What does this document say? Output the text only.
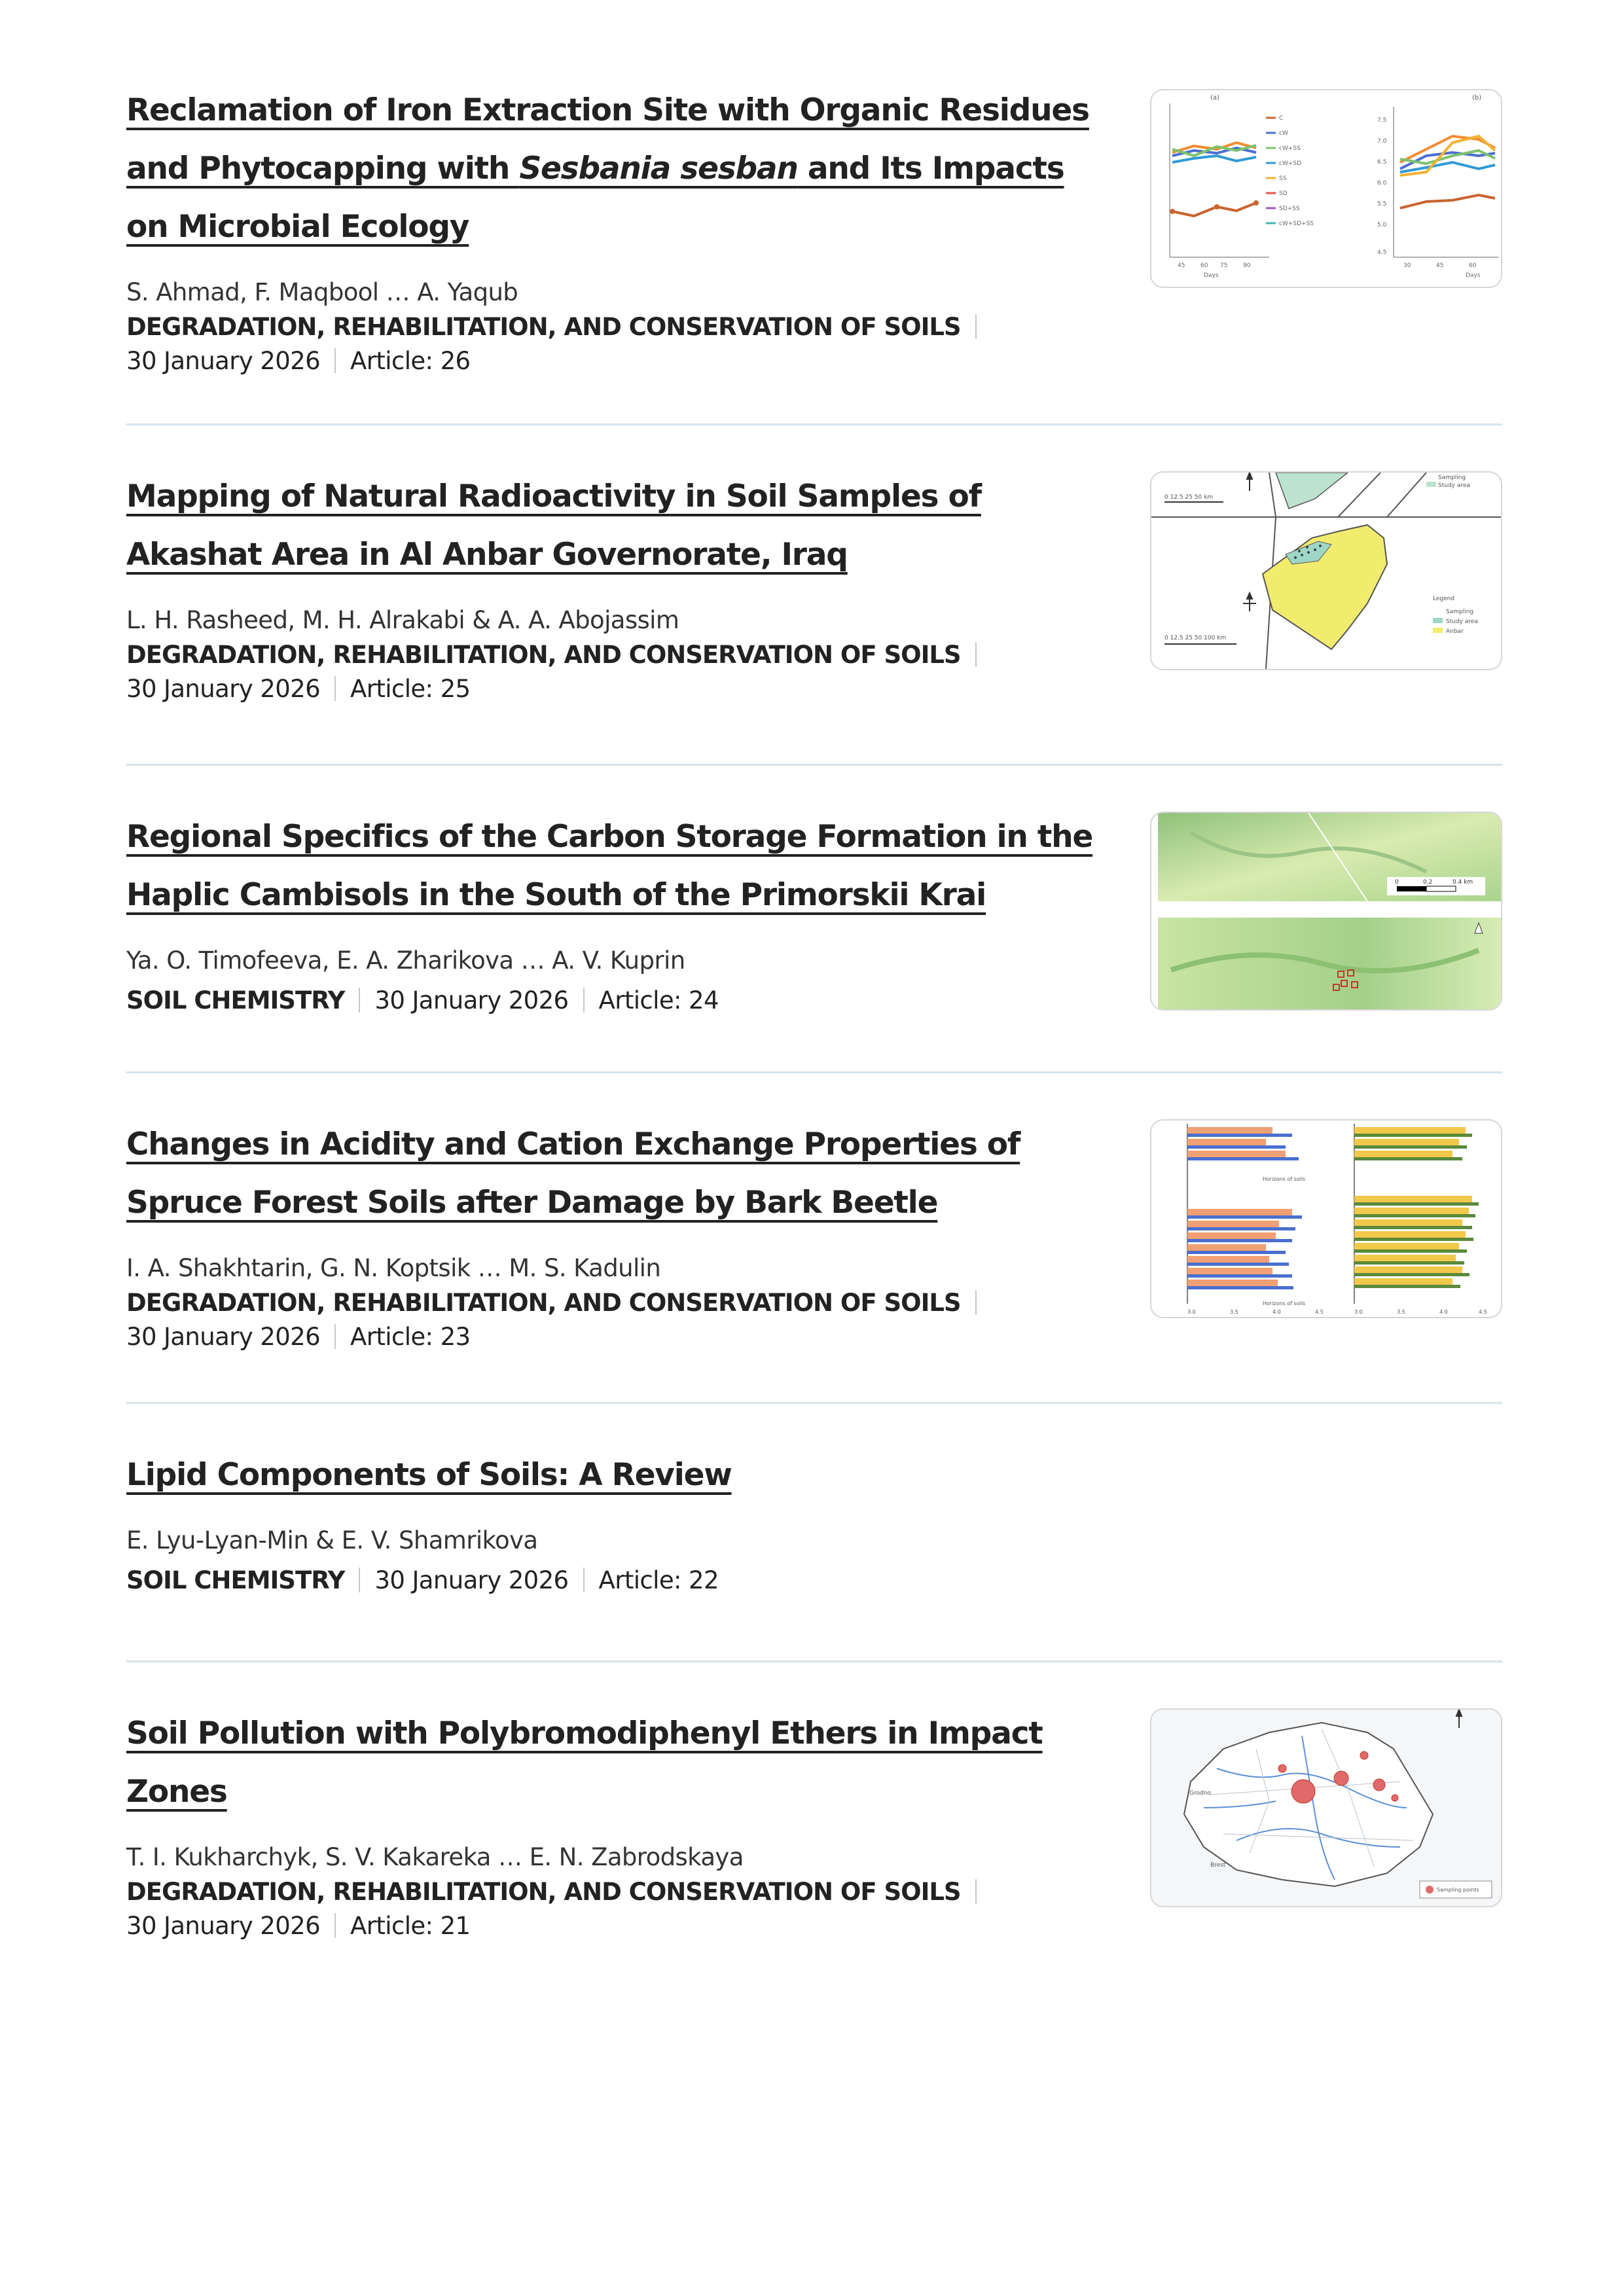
Reclamation of Iron Extraction Site with Organic Residues and Phytocapping with Sesbania sesban and Its Impacts on Microbial Ecology
S. Ahmad, F. Maqbool … A. Yaqub
DEGRADATION, REHABILITATION, AND CONSERVATION OF SOILS
30 January 2026 Article: 26
(a)	(b)
C
cW
cW+SS
cW+SD
SS
SD
SD+SS
cW+SD+SS
45	60 75	90
Days
7.5
7.0
6.5
6.0
5.5
5.0
4.5
30	45	60
Days
Mapping of Natural Radioactivity in Soil Samples of Akashat Area in Al Anbar Governorate, Iraq
L. H. Rasheed, M. H. Alrakabi & A. A. Abojassim
DEGRADATION, REHABILITATION, AND CONSERVATION OF SOILS
30 January 2026 Article: 25
0 12.5 25 50 km
0 12.5 25 50 100 km
Sampling
Study area
Legend
Sampling
Study area
Anbar
Regional Specifics of the Carbon Storage Formation in the Haplic Cambisols in the South of the Primorskii Krai
Ya. O. Timofeeva, E. A. Zharikova … A. V. Kuprin
SOIL CHEMISTRY 30 January 2026 Article: 24
0	0.2	0.4 km
Changes in Acidity and Cation Exchange Properties of Spruce Forest Soils after Damage by Bark Beetle
I. A. Shakhtarin, G. N. Koptsik … M. S. Kadulin
DEGRADATION, REHABILITATION, AND CONSERVATION OF SOILS
30 January 2026 Article: 23
Horizons of soils
Horizons of soils
3.0	3.5	4.0	4.5	3.0	3.5	4.0	4.5
Lipid Components of Soils: A Review
E. Lyu-Lyan-Min & E. V. Shamrikova
SOIL CHEMISTRY 30 January 2026 Article: 22
Soil Pollution with Polybromodiphenyl Ethers in Impact Zones
T. I. Kukharchyk, S. V. Kakareka … E. N. Zabrodskaya
DEGRADATION, REHABILITATION, AND CONSERVATION OF SOILS
30 January 2026 Article: 21
Sampling points
Grodno
Brest
